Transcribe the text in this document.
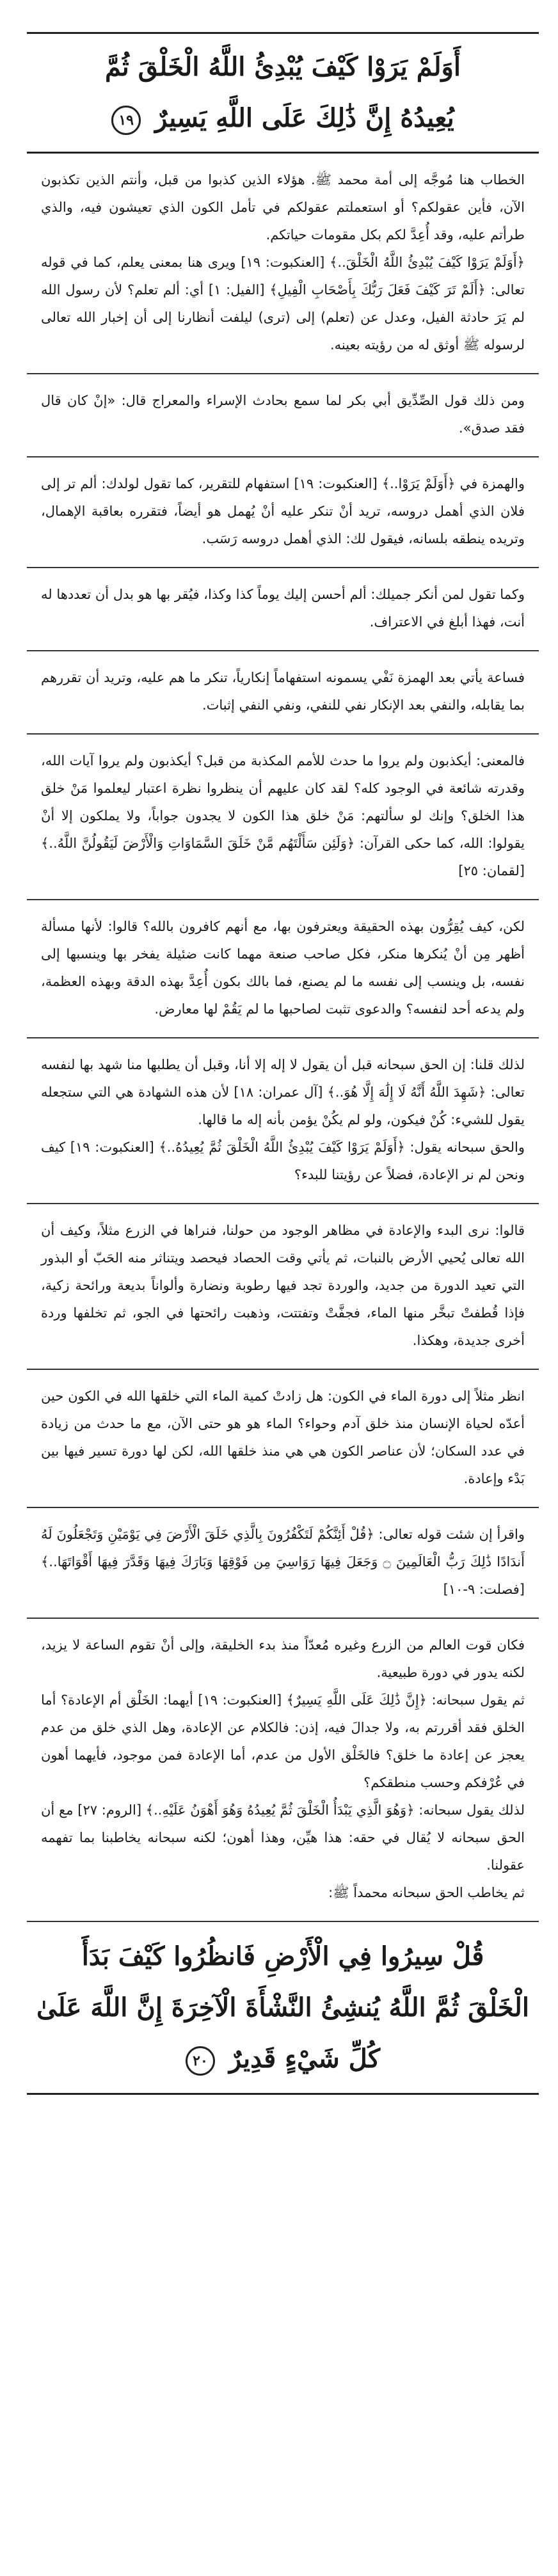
أَوَلَمْ يَرَوْا كَيْفَ يُبْدِئُ اللَّهُ الْخَلْقَ ثُمَّ
يُعِيدُهُ إِنَّ ذَٰلِكَ عَلَى اللَّهِ يَسِيرٌ ١٩

الخطاب هنا مُوجَّه إلى أمة محمد ﷺ. هؤلاء الذين كذبوا من قبل، وأنتم الذين تكذبون الآن، فأين عقولكم؟ أو استعملتم عقولكم في تأمل الكون الذي تعيشون فيه، والذي طرأتم عليه، وقد أُعِدَّ لكم بكل مقومات حياتكم.

﴿أَوَلَمْ يَرَوْا كَيْفَ يُبْدِئُ اللَّهُ الْخَلْقَ..﴾ [العنكبوت: ١٩] ويرى هنا بمعنى يعلم، كما في قوله تعالى: ﴿أَلَمْ تَرَ كَيْفَ فَعَلَ رَبُّكَ بِأَصْحَابِ الْفِيلِ﴾ [الفيل: ١] أي: ألم تعلم؟ لأن رسول الله لم يَرَ حادثة الفيل، وعدل عن (تعلم) إلى (ترى) ليلفت أنظارنا إلى أن إخبار الله تعالى لرسوله ﷺ أوثق له من رؤيته بعينه.

ومن ذلك قول الصِّدِّيق أبي بكر لما سمع بحادث الإسراء والمعراج قال: «إنْ كان قال فقد صدق».

والهمزة في ﴿أَوَلَمْ يَرَوْا..﴾ [العنكبوت: ١٩] استفهام للتقرير، كما تقول لولدك: ألم تر إلى فلان الذي أهمل دروسه، تريد أنْ تنكر عليه أنْ يُهمل هو أيضاً، فتقرره بعاقبة الإهمال، وتريده ينطقه بلسانه، فيقول لك: الذي أهمل دروسه رَسَب.

وكما تقول لمن أنكر جميلك: ألم أحسن إليك يوماً كذا وكذا، فيُقر بها هو بدل أن تعددها له أنت، فهذا أبلغ في الاعتراف.

فساعة يأتي بعد الهمزة نَفْي يسمونه استفهاماً إنكارياً، تنكر ما هم عليه، وتريد أن تقررهم بما يقابله، والنفي بعد الإنكار نفي للنفي، ونفي النفي إثبات.

فالمعنى: أيكذبون ولم يروا ما حدث للأمم المكذبة من قبل؟ أيكذبون ولم يروا آيات الله، وقدرته شائعة في الوجود كله؟ لقد كان عليهم أن ينظروا نظرة اعتبار ليعلموا مَنْ خلق هذا الخلق؟ وإنك لو سألتهم: مَنْ خلق هذا الكون لا يجدون جواباً، ولا يملكون إلا أنْ يقولوا: الله، كما حكى القرآن: ﴿وَلَئِن سَأَلْتَهُم مَّنْ خَلَقَ السَّمَاوَاتِ وَالْأَرْضَ لَيَقُولُنَّ اللَّهُ..﴾ [لقمان: ٢٥]

لكن، كيف يُقِرُّون بهذه الحقيقة ويعترفون بها، مع أنهم كافرون بالله؟ قالوا: لأنها مسألة أظهر مِن أنْ يُنكرها منكر، فكل صاحب صنعة مهما كانت ضئيلة يفخر بها وينسبها إلى نفسه، بل وينسب إلى نفسه ما لم يصنع، فما بالك بكون أُعِدَّ بهذه الدقة وبهذه العظمة، ولم يدعه أحد لنفسه؟ والدعوى تثبت لصاحبها ما لم يَقُمْ لها معارض.

لذلك قلنا: إن الحق سبحانه قبل أن يقول لا إله إلا أنا، وقبل أن يطلبها منا شهد بها لنفسه تعالى: ﴿شَهِدَ اللَّهُ أَنَّهُ لَا إِلَٰهَ إِلَّا هُوَ..﴾ [آل عمران: ١٨] لأن هذه الشهادة هي التي ستجعله يقول للشيء: كُنْ فيكون، ولو لم يكُنْ يؤمن بأنه إله ما قالها.

والحق سبحانه يقول: ﴿أَوَلَمْ يَرَوْا كَيْفَ يُبْدِئُ اللَّهُ الْخَلْقَ ثُمَّ يُعِيدُهُ..﴾ [العنكبوت: ١٩] كيف ونحن لم نر الإعادة، فضلاً عن رؤيتنا للبدء؟

قالوا: نرى البدء والإعادة في مظاهر الوجود من حولنا، فنراها في الزرع مثلاً، وكيف أن الله تعالى يُحيي الأرض بالنبات، ثم يأتي وقت الحصاد فيحصد ويتناثر منه الحَبّ أو البذور التي تعيد الدورة من جديد، والوردة تجد فيها رطوبة ونضارة وألواناً بديعة ورائحة زكية، فإذا قُطفتْ تبخَّر منها الماء، فجفَّتْ وتفتتت، وذهبت رائحتها في الجو، ثم تخلفها وردة أخرى جديدة، وهكذا.

انظر مثلاً إلى دورة الماء في الكون: هل زادتْ كمية الماء التي خلقها الله في الكون حين أعدّه لحياة الإنسان منذ خلق آدم وحواء؟ الماء هو هو حتى الآن، مع ما حدث من زيادة في عدد السكان؛ لأن عناصر الكون هي هي منذ خلقها الله، لكن لها دورة تسير فيها بين بَدْء وإعادة.

واقرأ إن شئت قوله تعالى: ﴿قُلْ أَئِنَّكُمْ لَتَكْفُرُونَ بِالَّذِي خَلَقَ الْأَرْضَ فِي يَوْمَيْنِ وَتَجْعَلُونَ لَهُ أَندَادًا ذَٰلِكَ رَبُّ الْعَالَمِينَ ۝ وَجَعَلَ فِيهَا رَوَاسِيَ مِن فَوْقِهَا وَبَارَكَ فِيهَا وَقَدَّرَ فِيهَا أَقْوَاتَهَا..﴾ [فصلت: ٩-١٠]

فكان قوت العالم من الزرع وغيره مُعدّاً منذ بدء الخليقة، وإلى أنْ تقوم الساعة لا يزيد، لكنه يدور في دورة طبيعية.

ثم يقول سبحانه: ﴿إِنَّ ذَٰلِكَ عَلَى اللَّهِ يَسِيرٌ﴾ [العنكبوت: ١٩] أيهما: الخَلْق أم الإعادة؟ أما الخلق فقد أقررتم به، ولا جدالَ فيه، إذن: فالكلام عن الإعادة، وهل الذي خلق من عدم يعجز عن إعادة ما خلق؟ فالخَلْق الأول من عدم، أما الإعادة فمن موجود، فأيهما أهون في عُرْفكم وحسب منطقكم؟

لذلك يقول سبحانه: ﴿وَهُوَ الَّذِي يَبْدَأُ الْخَلْقَ ثُمَّ يُعِيدُهُ وَهُوَ أَهْوَنُ عَلَيْهِ..﴾ [الروم: ٢٧] مع أن الحق سبحانه لا يُقال في حقه: هذا هيِّن، وهذا أهون؛ لكنه سبحانه يخاطبنا بما تفهمه عقولنا.

ثم يخاطب الحق سبحانه محمداً ﷺ:

قُلْ سِيرُوا فِي الْأَرْضِ فَانظُرُوا كَيْفَ بَدَأَ
الْخَلْقَ ثُمَّ اللَّهُ يُنشِئُ النَّشْأَةَ الْآخِرَةَ إِنَّ اللَّهَ عَلَىٰ
كُلِّ شَيْءٍ قَدِيرٌ ٢٠
